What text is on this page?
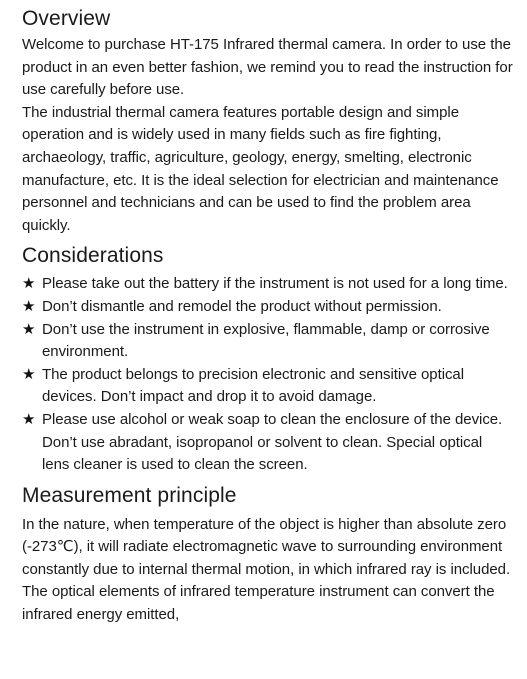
Overview

Welcome to purchase HT-175 Infrared thermal camera. In order to use the product in an even better fashion, we remind you to read the instruction for use carefully before use.

The industrial thermal camera features portable design and simple operation and is widely used in many fields such as fire fighting, archaeology, traffic, agriculture, geology, energy, smelting, electronic manufacture, etc. It is the ideal selection for electrician and maintenance personnel and technicians and can be used to find the problem area quickly.

Considerations
★ Please take out the battery if the instrument is not used for a long time.
★ Don’t dismantle and remodel the product without permission.
★ Don’t use the instrument in explosive, flammable, damp or corrosive environment.
★ The product belongs to precision electronic and sensitive optical devices. Don’t impact and drop it to avoid damage.
★ Please use alcohol or weak soap to clean the enclosure of the device. Don’t use abradant, isopropanol or solvent to clean. Special optical lens cleaner is used to clean the screen.
Measurement principle

In the nature, when temperature of the object is higher than absolute zero (-273℃), it will radiate electromagnetic wave to surrounding environment constantly due to internal thermal motion, in which infrared ray is included. The optical elements of infrared temperature instrument can convert the infrared energy emitted,
